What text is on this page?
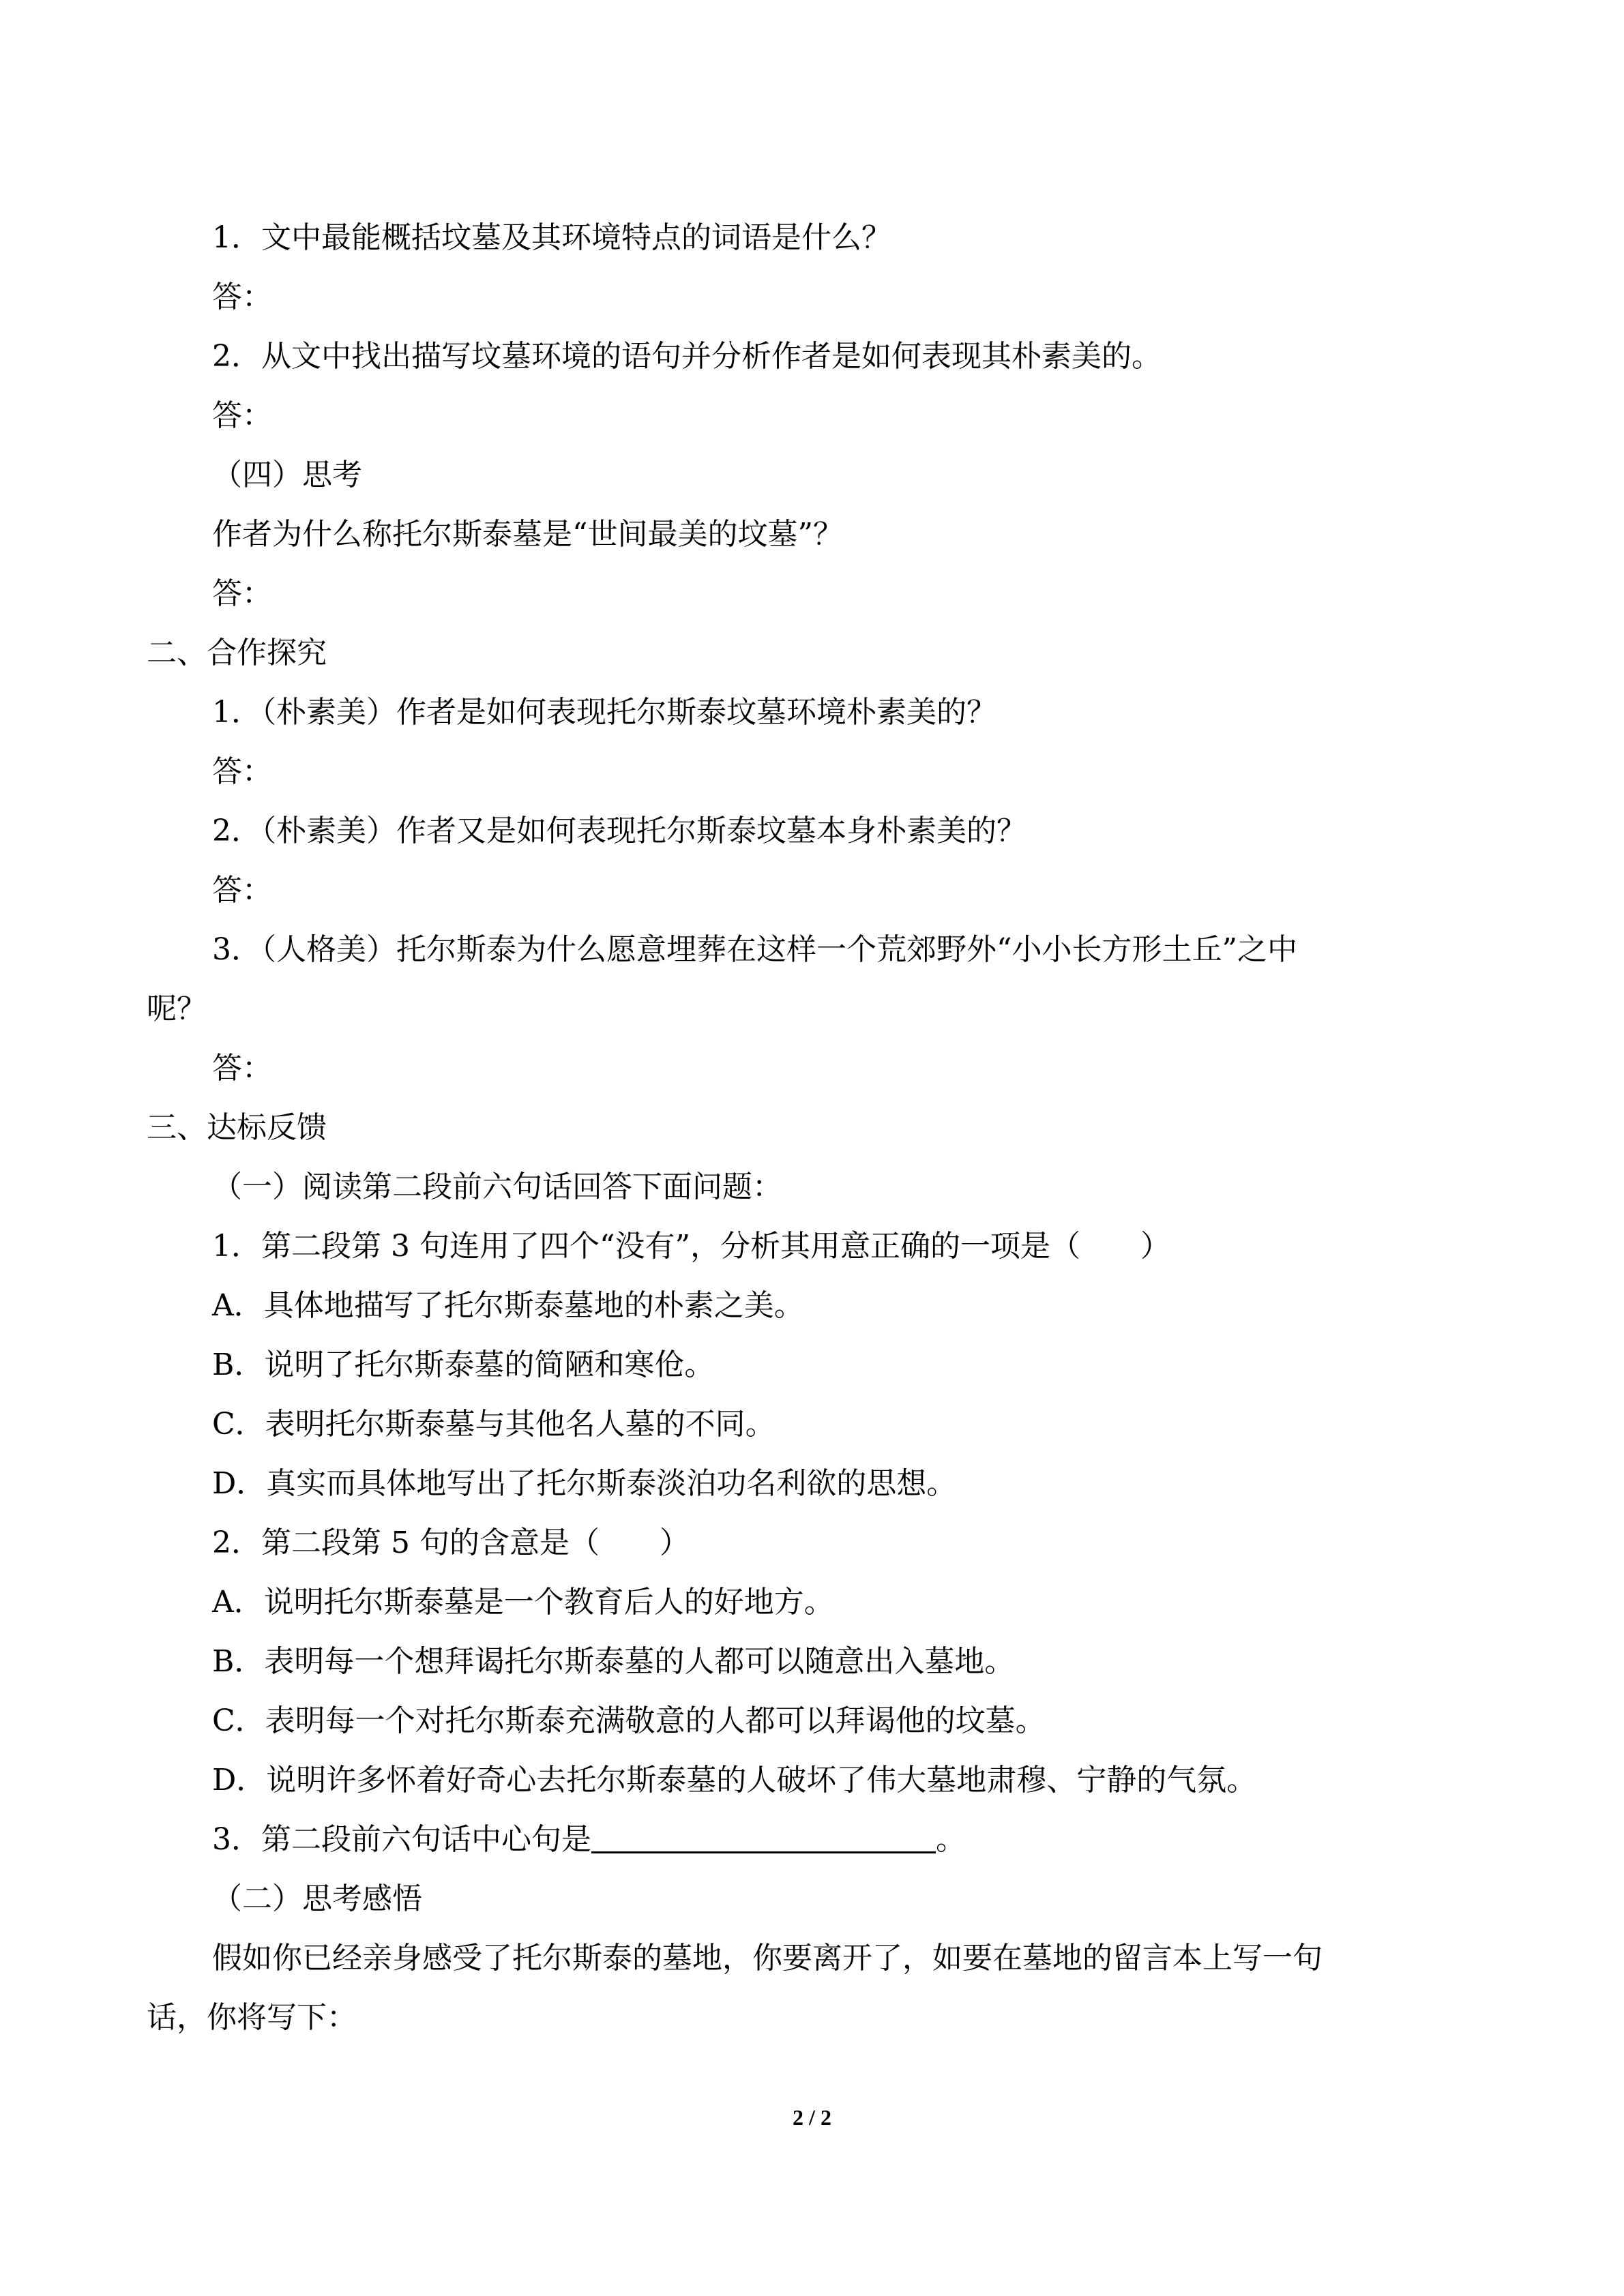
1．文中最能概括坟墓及其环境特点的词语是什么？
答：
2．从文中找出描写坟墓环境的语句并分析作者是如何表现其朴素美的。
答：
（四）思考
作者为什么称托尔斯泰墓是“世间最美的坟墓”？
答：
二、合作探究
1．（朴素美）作者是如何表现托尔斯泰坟墓环境朴素美的？
答：
2．（朴素美）作者又是如何表现托尔斯泰坟墓本身朴素美的？
答：
3．（人格美）托尔斯泰为什么愿意埋葬在这样一个荒郊野外“小小长方形土丘”之中
呢？
答：
三、达标反馈
（一）阅读第二段前六句话回答下面问题：
1．第二段第 3 句连用了四个“没有”，分析其用意正确的一项是（　　）
A．具体地描写了托尔斯泰墓地的朴素之美。
B．说明了托尔斯泰墓的简陋和寒伧。
C．表明托尔斯泰墓与其他名人墓的不同。
D．真实而具体地写出了托尔斯泰淡泊功名利欲的思想。
2．第二段第 5 句的含意是（　　）
A．说明托尔斯泰墓是一个教育后人的好地方。
B．表明每一个想拜谒托尔斯泰墓的人都可以随意出入墓地。
C．表明每一个对托尔斯泰充满敬意的人都可以拜谒他的坟墓。
D．说明许多怀着好奇心去托尔斯泰墓的人破坏了伟大墓地肃穆、宁静的气氛。
3．第二段前六句话中心句是	。
（二）思考感悟
假如你已经亲身感受了托尔斯泰的墓地，你要离开了，如要在墓地的留言本上写一句
话，你将写下：
2 / 2
